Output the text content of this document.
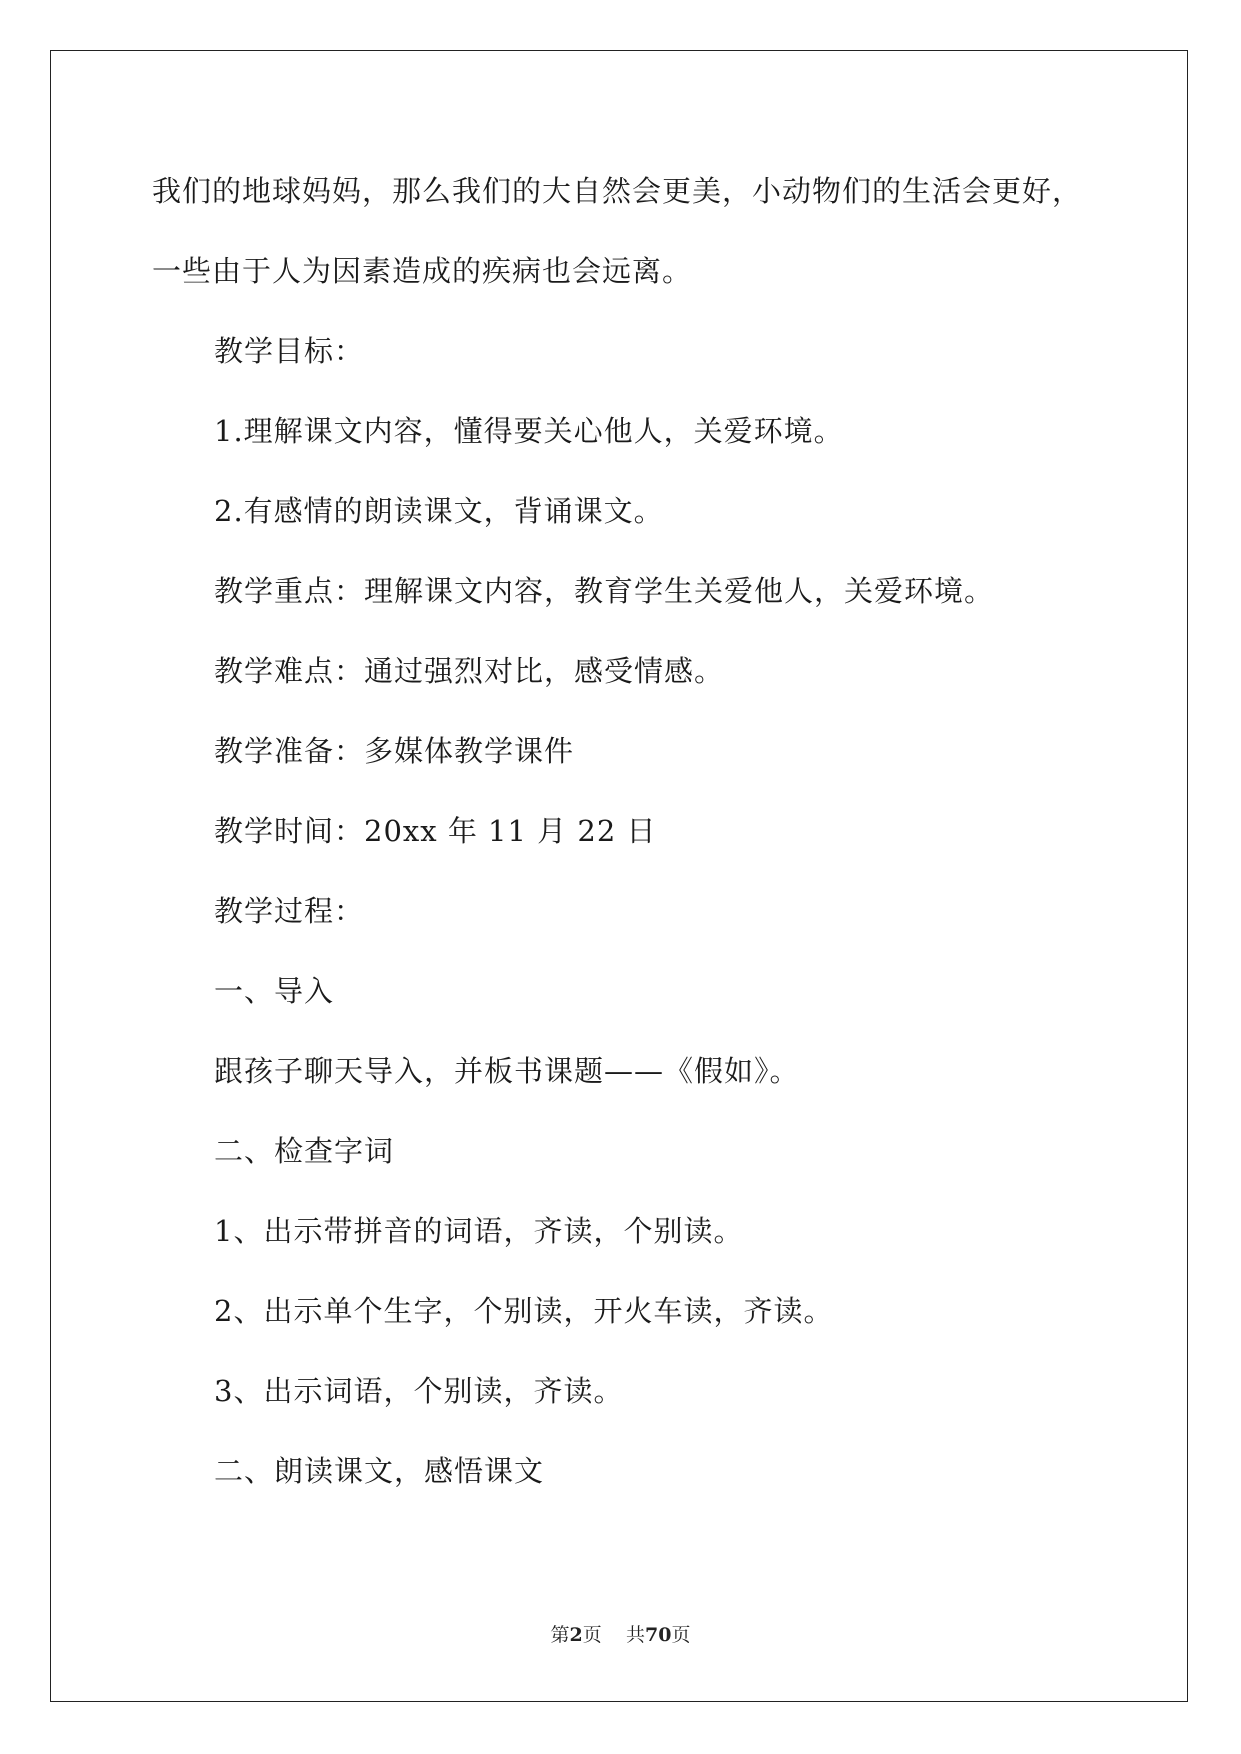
我们的地球妈妈，那么我们的大自然会更美，小动物们的生活会更好，
一些由于人为因素造成的疾病也会远离。
教学目标：
1.理解课文内容，懂得要关心他人，关爱环境。
2.有感情的朗读课文，背诵课文。
教学重点：理解课文内容，教育学生关爱他人，关爱环境。
教学难点：通过强烈对比，感受情感。
教学准备：多媒体教学课件
教学时间：20xx 年 11 月 22 日
教学过程：
一、导入
跟孩子聊天导入，并板书课题——《假如》。
二、检查字词
1、出示带拼音的词语，齐读，个别读。
2、出示单个生字，个别读，开火车读，齐读。
3、出示词语，个别读，齐读。
二、朗读课文，感悟课文
第2页 共70页
